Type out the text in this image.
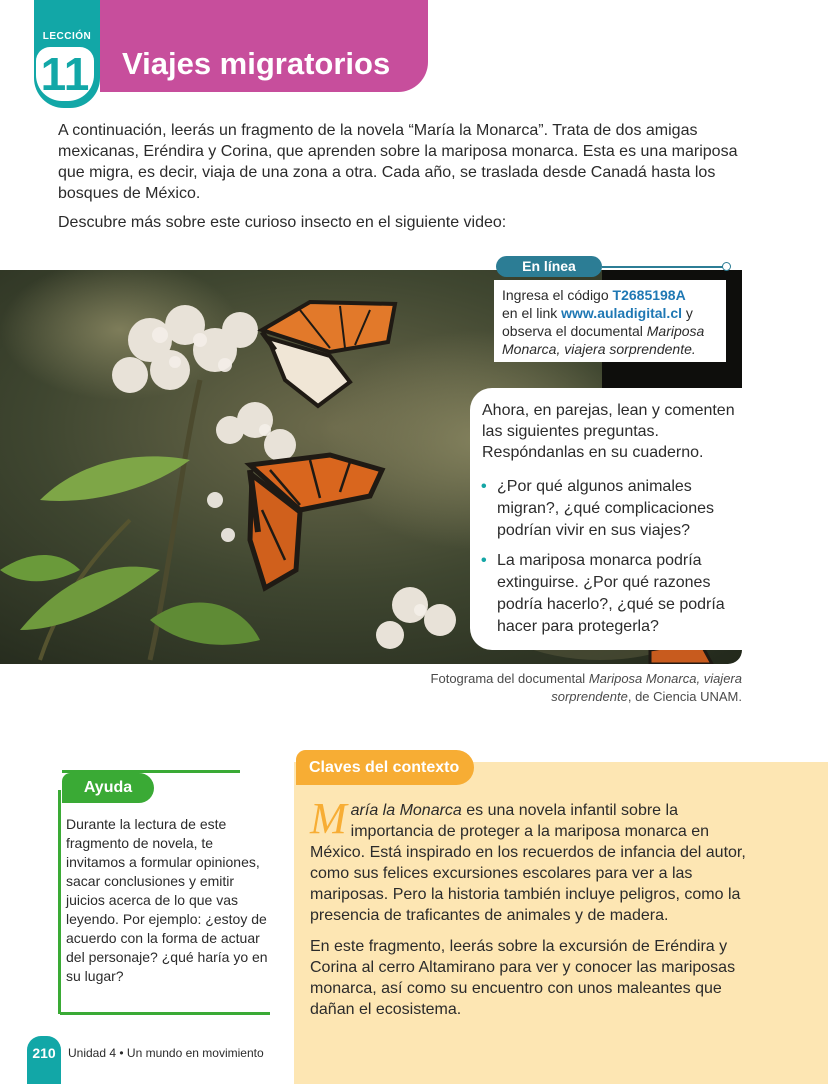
LECCIÓN
11 Viajes migratorios

A continuación, leerás un fragmento de la novela “María la Monarca”. Trata de dos amigas mexicanas, Eréndira y Corina, que aprenden sobre la mariposa monarca. Esta es una mariposa que migra, es decir, viaja de una zona a otra. Cada año, se traslada desde Canadá hasta los bosques de México.

Descubre más sobre este curioso insecto en el siguiente video:

En línea
Ingresa el código T2685198A
en el link www.auladigital.cl y observa el documental Mariposa Monarca, viajera sorprendente.
Ahora, en parejas, lean y comenten las siguientes preguntas. Respóndanlas en su cuaderno.
• ¿Por qué algunos animales migran?, ¿qué complicaciones podrían vivir en sus viajes?
• La mariposa monarca podría extinguirse. ¿Por qué razones podría hacerlo?, ¿qué se podría hacer para protegerla?
Fotograma del documental Mariposa Monarca, viajera sorprendente, de Ciencia UNAM.
Ayuda
Durante la lectura de este fragmento de novela, te invitamos a formular opiniones, sacar conclusiones y emitir juicios acerca de lo que vas leyendo. Por ejemplo: ¿estoy de acuerdo con la forma de actuar del personaje? ¿qué haría yo en su lugar?
Claves del contexto

María la Monarca es una novela infantil sobre la importancia de proteger a la mariposa monarca en México. Está inspirado en los recuerdos de infancia del autor, como sus felices excursiones escolares para ver a las mariposas. Pero la historia también incluye peligros, como la presencia de traficantes de animales y de madera.

En este fragmento, leerás sobre la excursión de Eréndira y Corina al cerro Altamirano para ver y conocer las mariposas monarca, así como su encuentro con unos maleantes que dañan el ecosistema.

210	Unidad 4 • Un mundo en movimiento
